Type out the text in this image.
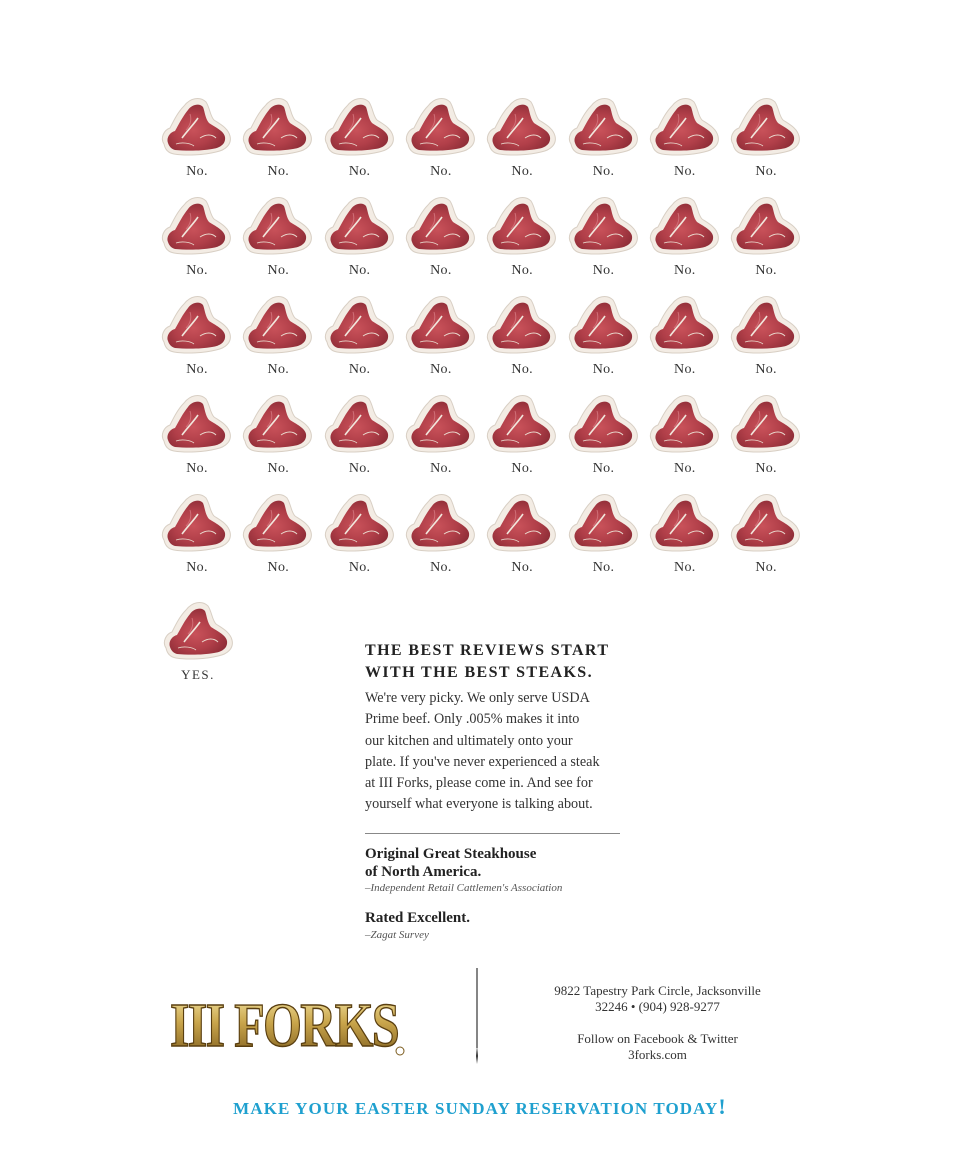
No.	No.	No.	No.	No.	No.	No.	No.
No.	No.	No.	No.	No.	No.	No.	No.
No.	No.	No.	No.	No.	No.	No.	No.
No.	No.	No.	No.	No.	No.	No.	No.
No.	No.	No.	No.	No.	No.	No.	No.
YES.

THE BEST REVIEWS START
WITH THE BEST STEAKS.

We're very picky. We only serve USDA
Prime beef. Only .005% makes it into
our kitchen and ultimately onto your
plate. If you've never experienced a steak
at III Forks, please come in. And see for
yourself what everyone is talking about.

Original Great Steakhouse
of North America.
–Independent Retail Cattlemen's Association
Rated Excellent.
–Zagat Survey
III FORKS
9822 Tapestry Park Circle, Jacksonville
32246 • (904) 928-9277
Follow on Facebook & Twitter
3forks.com
MAKE YOUR EASTER SUNDAY RESERVATION TODAY!
